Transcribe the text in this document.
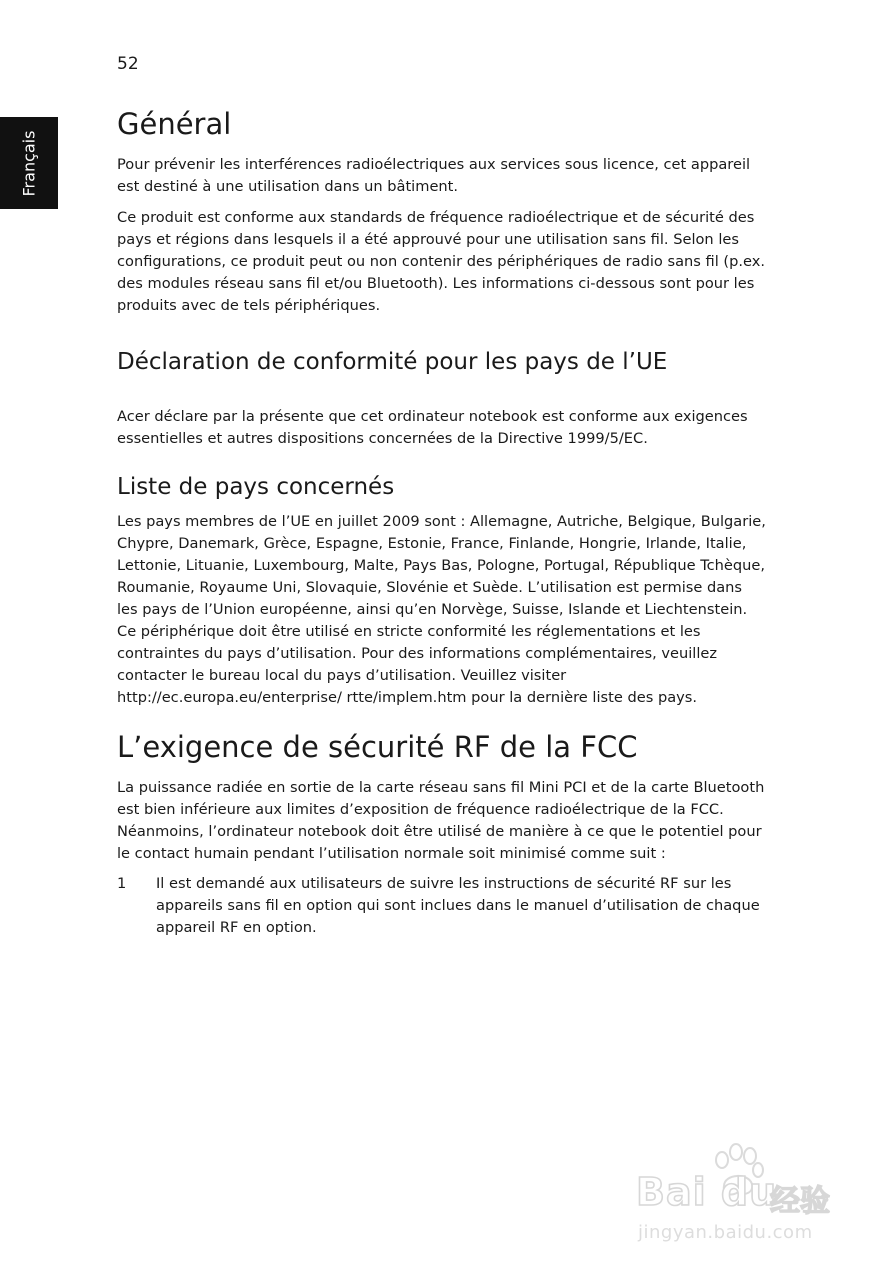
52
Français
Général

Pour prévenir les interférences radioélectriques aux services sous licence, cet appareil est destiné à une utilisation dans un bâtiment.

Ce produit est conforme aux standards de fréquence radioélectrique et de sécurité des pays et régions dans lesquels il a été approuvé pour une utilisation sans fil. Selon les configurations, ce produit peut ou non contenir des périphériques de radio sans fil (p.ex. des modules réseau sans fil et/ou Bluetooth). Les informations ci-dessous sont pour les produits avec de tels périphériques.

Déclaration de conformité pour les pays de l’UE

Acer déclare par la présente que cet ordinateur notebook est conforme aux exigences essentielles et autres dispositions concernées de la Directive 1999/5/EC.

Liste de pays concernés

Les pays membres de l’UE en juillet 2009 sont : Allemagne, Autriche, Belgique, Bulgarie, Chypre, Danemark, Grèce, Espagne, Estonie, France, Finlande, Hongrie, Irlande, Italie, Lettonie, Lituanie, Luxembourg, Malte, Pays Bas, Pologne, Portugal, République Tchèque, Roumanie, Royaume Uni, Slovaquie, Slovénie et Suède. L’utilisation est permise dans les pays de l’Union européenne, ainsi qu’en Norvège, Suisse, Islande et Liechtenstein. Ce périphérique doit être utilisé en stricte conformité les réglementations et les contraintes du pays d’utilisation. Pour des informations complémentaires, veuillez contacter le bureau local du pays d’utilisation. Veuillez visiter http://ec.europa.eu/enterprise/ rtte/implem.htm pour la dernière liste des pays.

L’exigence de sécurité RF de la FCC

La puissance radiée en sortie de la carte réseau sans fil Mini PCI et de la carte Bluetooth est bien inférieure aux limites d’exposition de fréquence radioélectrique de la FCC. Néanmoins, l’ordinateur notebook doit être utilisé de manière à ce que le potentiel pour le contact humain pendant l’utilisation normale soit minimisé comme suit :

1	Il est demandé aux utilisateurs de suivre les instructions de sécurité RF sur les appareils sans fil en option qui sont inclues dans le manuel d’utilisation de chaque appareil RF en option.
Bai du
经验
jingyan.baidu.com
